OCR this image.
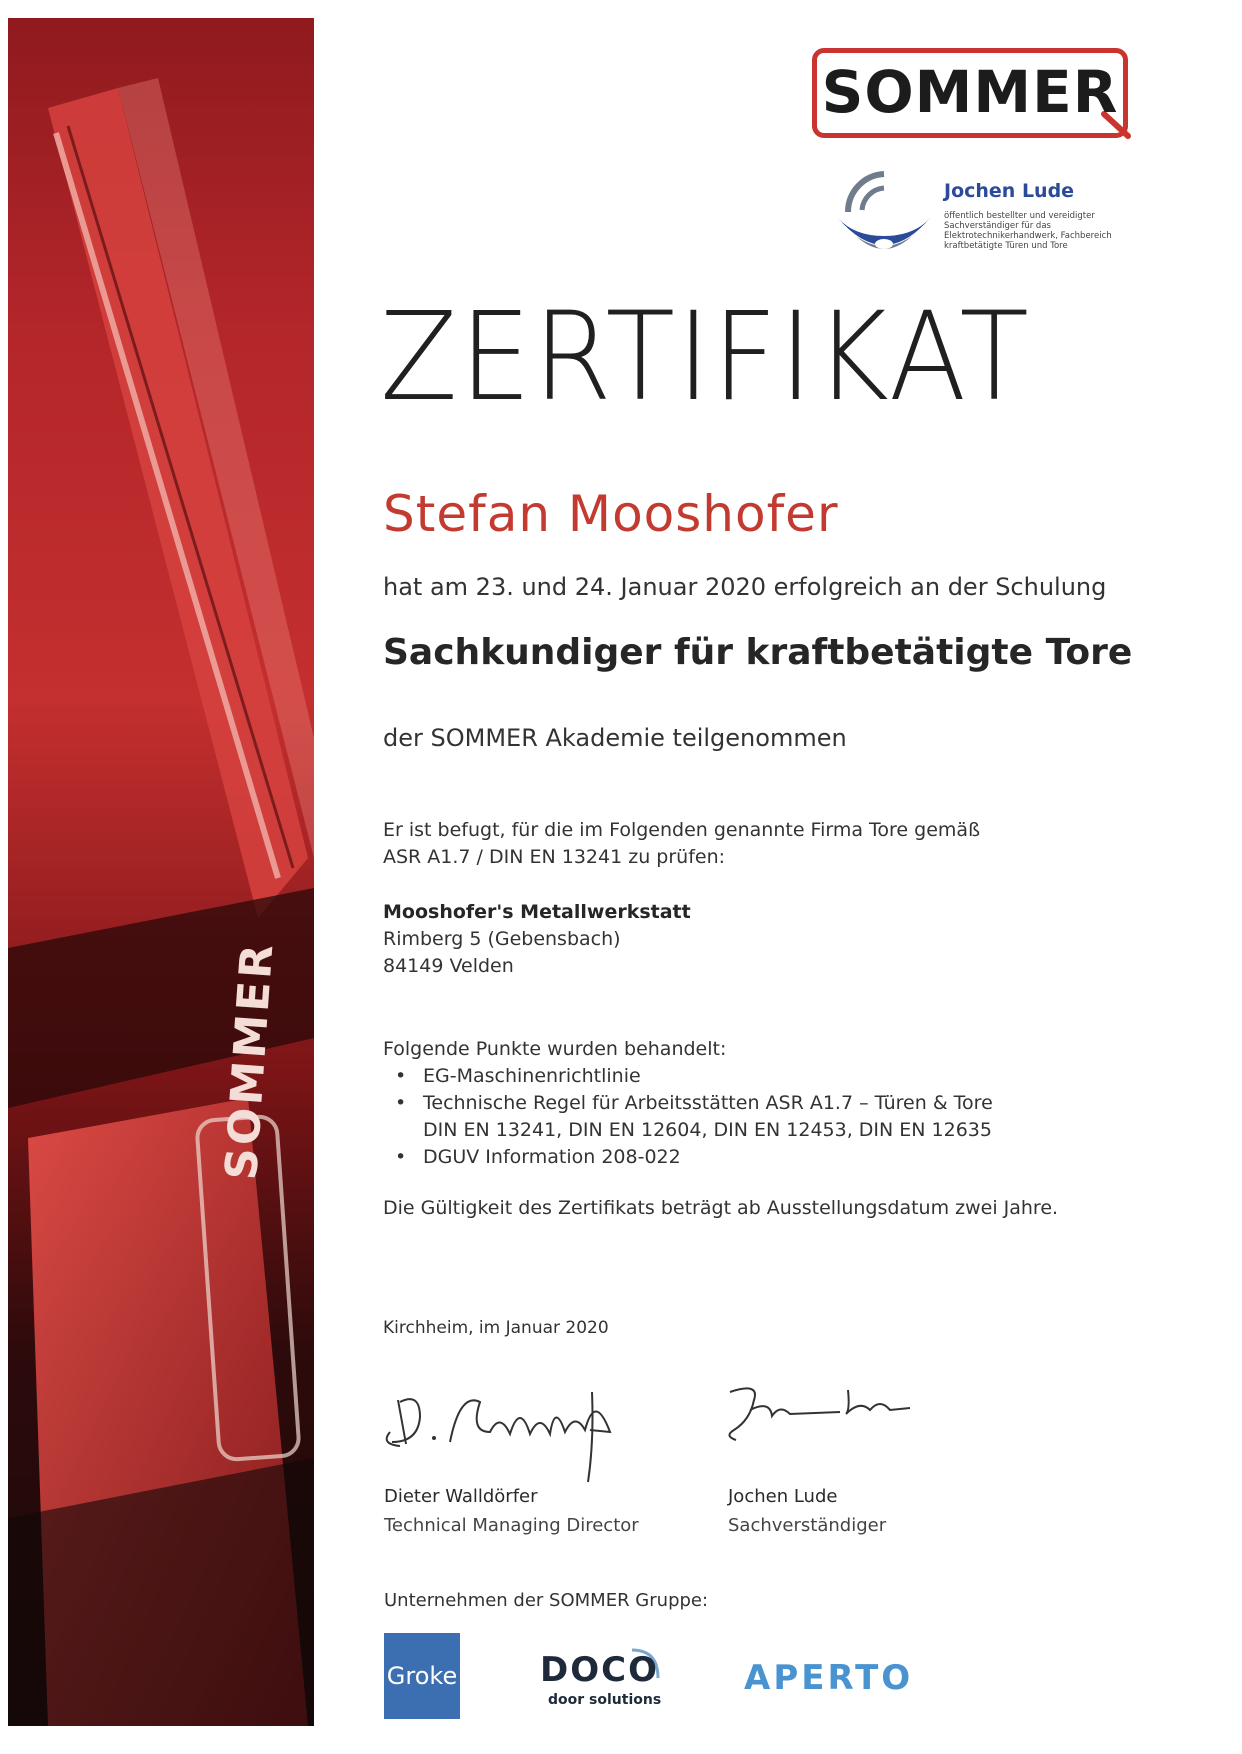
SOMMER
SOMMER
Jochen Lude
öffentlich bestellter und vereidigter Sachverständiger für das Elektrotechnikerhandwerk, Fachbereich kraftbetätigte Türen und Tore
ZERTIFIKAT
Stefan Mooshofer
hat am 23. und 24. Januar 2020 erfolgreich an der Schulung
Sachkundiger für kraftbetätigte Tore
der SOMMER Akademie teilgenommen
Er ist befugt, für die im Folgenden genannte Firma Tore gemäß
ASR A1.7 / DIN EN 13241 zu prüfen:
Mooshofer's Metallwerkstatt
Rimberg 5 (Gebensbach)
84149 Velden
Folgende Punkte wurden behandelt:
• EG-Maschinenrichtlinie
• Technische Regel für Arbeitsstätten ASR A1.7 – Türen & Tore
DIN EN 13241, DIN EN 12604, DIN EN 12453, DIN EN 12635
• DGUV Information 208-022
Die Gültigkeit des Zertifikats beträgt ab Ausstellungsdatum zwei Jahre.
Kirchheim, im Januar 2020
Dieter Walldörfer
Technical Managing Director
Jochen Lude
Sachverständiger
Unternehmen der SOMMER Gruppe:
Groke DOCO
door solutions
APERTO
